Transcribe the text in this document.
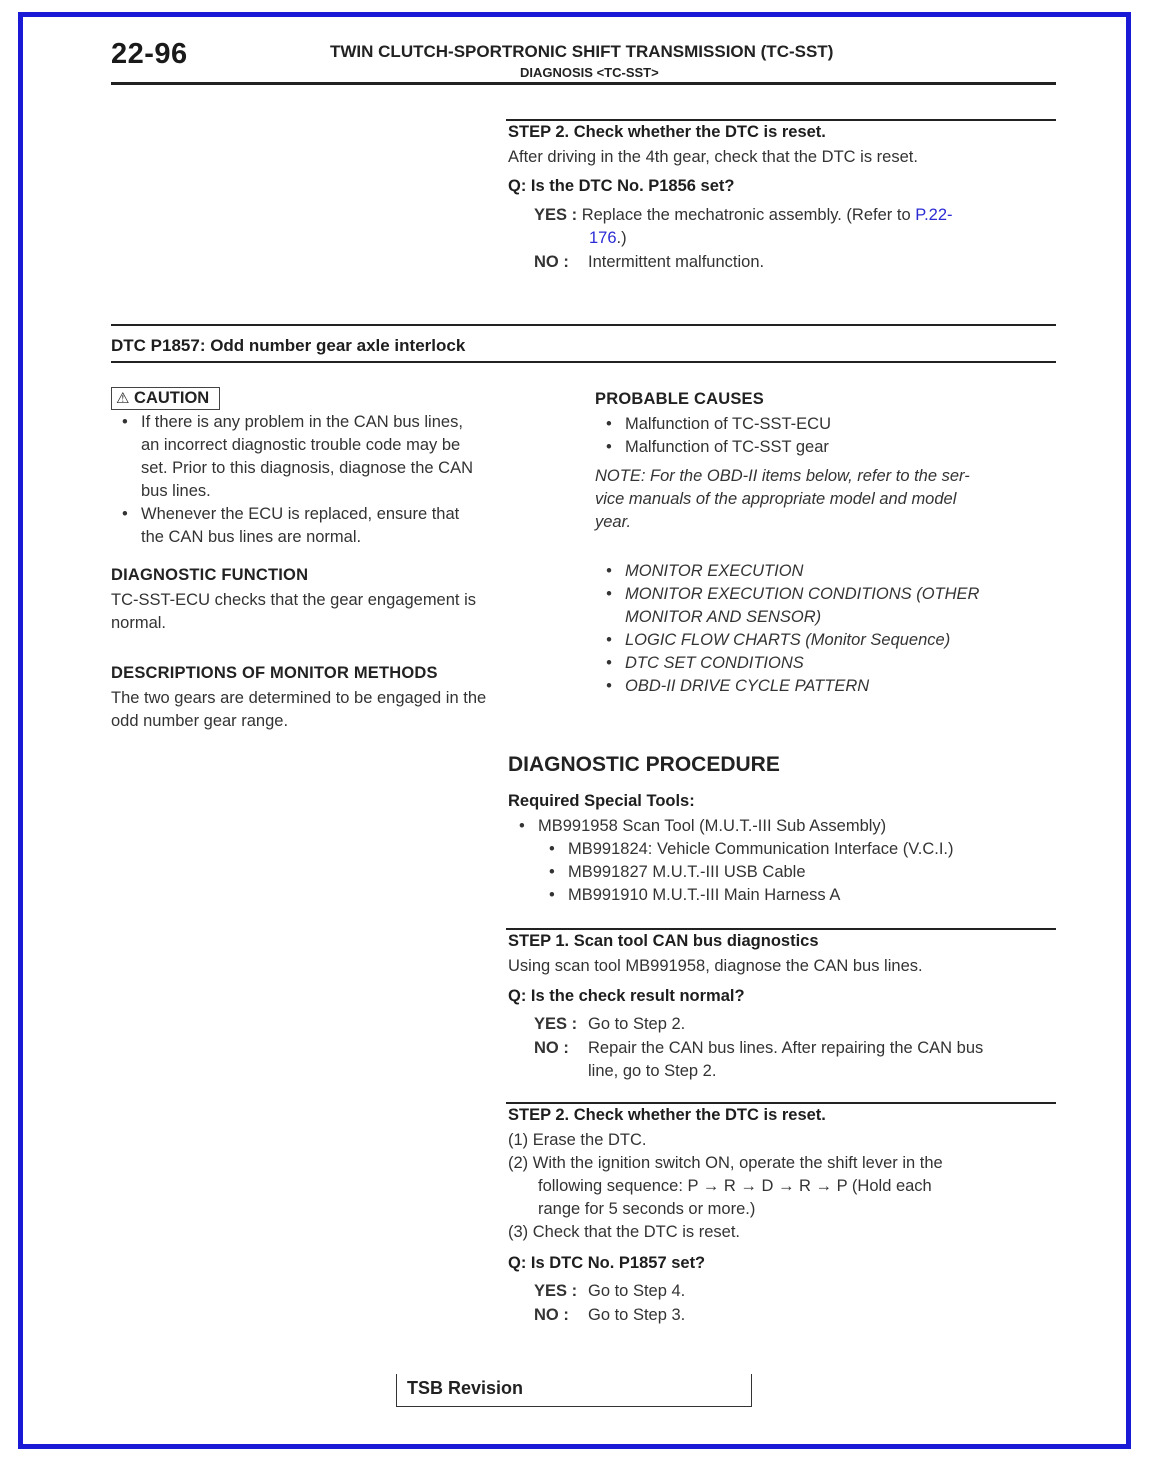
22-96	TWIN CLUTCH-SPORTRONIC SHIFT TRANSMISSION (TC-SST)
DIAGNOSIS <TC-SST>
STEP 2. Check whether the DTC is reset.
After driving in the 4th gear, check that the DTC is reset.
Q: Is the DTC No. P1856 set?
YES : Replace the mechatronic assembly. (Refer to P.22-
176.)
NO : Intermittent malfunction.
DTC P1857: Odd number gear axle interlock
⚠ CAUTION
• If there is any problem in the CAN bus lines,
an incorrect diagnostic trouble code may be
set. Prior to this diagnosis, diagnose the CAN
bus lines.
• Whenever the ECU is replaced, ensure that
the CAN bus lines are normal.
DIAGNOSTIC FUNCTION
TC-SST-ECU checks that the gear engagement is
normal.
DESCRIPTIONS OF MONITOR METHODS
The two gears are determined to be engaged in the
odd number gear range.
PROBABLE CAUSES
• Malfunction of TC-SST-ECU
• Malfunction of TC-SST gear
NOTE: For the OBD-II items below, refer to the ser-
vice manuals of the appropriate model and model
year.
• MONITOR EXECUTION
• MONITOR EXECUTION CONDITIONS (OTHER
MONITOR AND SENSOR)
• LOGIC FLOW CHARTS (Monitor Sequence)
• DTC SET CONDITIONS
• OBD-II DRIVE CYCLE PATTERN
DIAGNOSTIC PROCEDURE
Required Special Tools:
• MB991958 Scan Tool (M.U.T.-III Sub Assembly)
• MB991824: Vehicle Communication Interface (V.C.I.)
• MB991827 M.U.T.-III USB Cable
• MB991910 M.U.T.-III Main Harness A
STEP 1. Scan tool CAN bus diagnostics
Using scan tool MB991958, diagnose the CAN bus lines.
Q: Is the check result normal?
YES : Go to Step 2.
NO : Repair the CAN bus lines. After repairing the CAN bus
line, go to Step 2.
STEP 2. Check whether the DTC is reset.
(1) Erase the DTC.
(2) With the ignition switch ON, operate the shift lever in the
following sequence: P → R → D → R → P (Hold each
range for 5 seconds or more.)
(3) Check that the DTC is reset.
Q: Is DTC No. P1857 set?
YES : Go to Step 4.
NO : Go to Step 3.
TSB Revision
